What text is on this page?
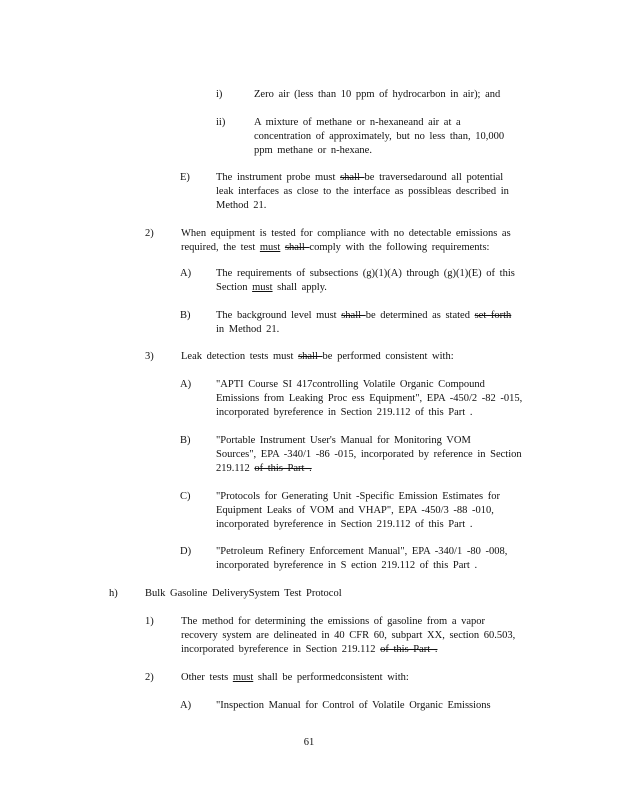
i)	Zero air (less than 10 ppm of hydrocarbon in air); and
ii)	A mixture of methane or n-hexaneand air at a
concentration of approximately, but no less than, 10,000
ppm methane or n-hexane.
E) The instrument probe must shall be traversedaround all potential
leak interfaces as close to the interface as possibleas described in
Method 21.
2)	When equipment is tested for compliance with no detectable emissions as
required, the test must shall comply with the following requirements:
A) The requirements of subsections (g)(1)(A) through (g)(1)(E) of this
Section must shall apply.
B) The background level must shall be determined as stated set forth
in Method 21.
3)	Leak detection tests must shall be performed consistent with:
A) "APTI Course SI 417controlling Volatile Organic Compound
Emissions from Leaking Proc ess Equipment", EPA -450/2 -82 -015,
incorporated byreference in Section 219.112 of this Part .
B) "Portable Instrument User's Manual for Monitoring VOM
Sources", EPA -340/1 -86 -015, incorporated by reference in Section
219.112 of this Part .
C) "Protocols for Generating Unit -Specific Emission Estimates for
Equipment Leaks of VOM and VHAP", EPA -450/3 -88 -010,
incorporated byreference in Section 219.112 of this Part .
D) "Petroleum Refinery Enforcement Manual", EPA -340/1 -80 -008,
incorporated byreference in S ection 219.112 of this Part .
h)	Bulk Gasoline DeliverySystem Test Protocol
1)	The method for determining the emissions of gasoline from a vapor
recovery system are delineated in 40 CFR 60, subpart XX, section 60.503,
incorporated byreference in Section 219.112 of this Part .
2)	Other tests must shall be performedconsistent with:
A) "Inspection Manual for Control of Volatile Organic Emissions
61
